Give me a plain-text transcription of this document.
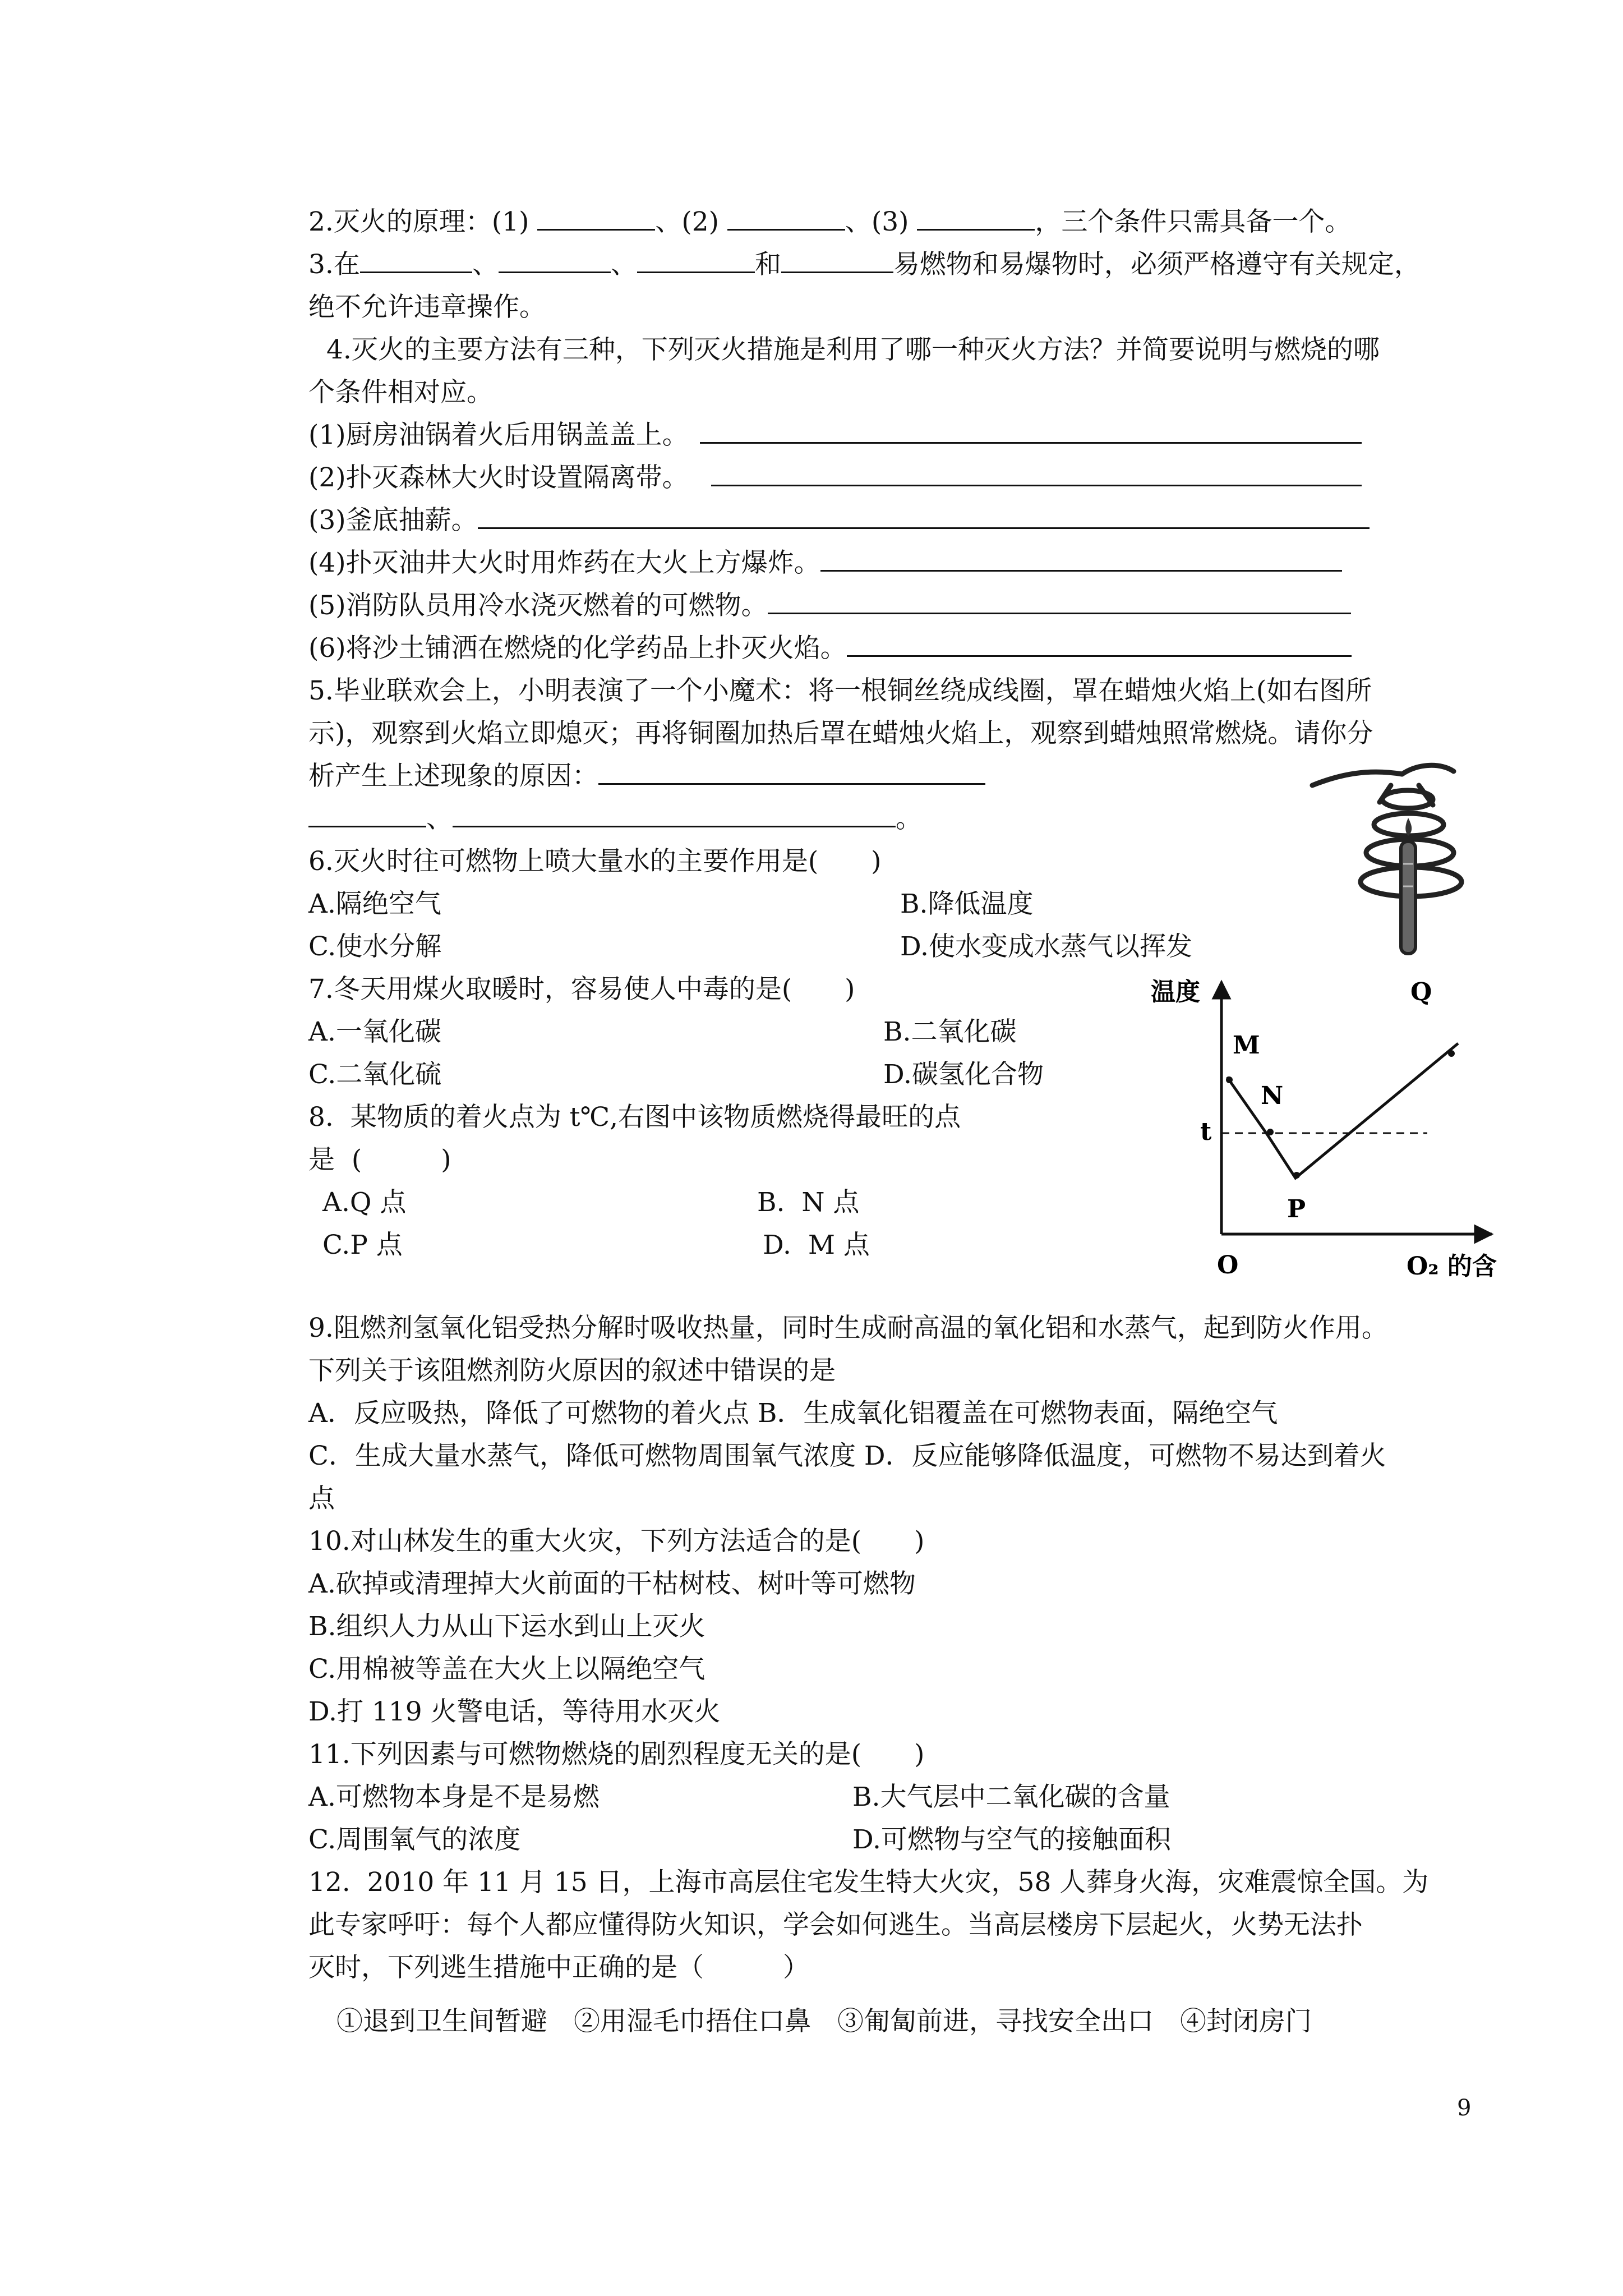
2.灭火的原理：(1)	、(2)	、(3)	，三个条件只需具备一个。
3.在	、	、	和	易燃物和易爆物时，必须严格遵守有关规定，
绝不允许违章操作。
4.灭火的主要方法有三种，下列灭火措施是利用了哪一种灭火方法？并简要说明与燃烧的哪
个条件相对应。
(1)厨房油锅着火后用锅盖盖上。
(2)扑灭森林大火时设置隔离带。
(3)釜底抽薪。
(4)扑灭油井大火时用炸药在大火上方爆炸。
(5)消防队员用冷水浇灭燃着的可燃物。
(6)将沙土铺洒在燃烧的化学药品上扑灭火焰。
5.毕业联欢会上，小明表演了一个小魔术：将一根铜丝绕成线圈，罩在蜡烛火焰上(如右图所
示)，观察到火焰立即熄灭；再将铜圈加热后罩在蜡烛火焰上，观察到蜡烛照常燃烧。请你分
析产生上述现象的原因：
、	。
6.灭火时往可燃物上喷大量水的主要作用是(　　)
A.隔绝空气	B.降低温度
C.使水分解	D.使水变成水蒸气以挥发
7.冬天用煤火取暖时，容易使人中毒的是(　　)
A.一氧化碳	B.二氧化碳
C.二氧化硫	D.碳氢化合物
8.  某物质的着火点为 t℃,右图中该物质燃烧得最旺的点
是  (　　　)
A.Q 点	B.  N 点
C.P 点	D.  M 点
温度	Q
M
N
t
P
O	O₂ 的含
9.阻燃剂氢氧化铝受热分解时吸收热量，同时生成耐高温的氧化铝和水蒸气，起到防火作用。
下列关于该阻燃剂防火原因的叙述中错误的是
A．反应吸热，降低了可燃物的着火点 B．生成氧化铝覆盖在可燃物表面，隔绝空气
C．生成大量水蒸气，降低可燃物周围氧气浓度 D．反应能够降低温度，可燃物不易达到着火
点
10.对山林发生的重大火灾，下列方法适合的是(　　)
A.砍掉或清理掉大火前面的干枯树枝、树叶等可燃物
B.组织人力从山下运水到山上灭火
C.用棉被等盖在大火上以隔绝空气
D.打 119 火警电话，等待用水灭火
11.下列因素与可燃物燃烧的剧烈程度无关的是(　　)
A.可燃物本身是不是易燃	B.大气层中二氧化碳的含量
C.周围氧气的浓度	D.可燃物与空气的接触面积
12.  2010 年 11 月 15 日，上海市高层住宅发生特大火灾，58 人葬身火海，灾难震惊全国。为
此专家呼吁：每个人都应懂得防火知识，学会如何逃生。当高层楼房下层起火，火势无法扑
灭时，下列逃生措施中正确的是（　　　）
①退到卫生间暂避　②用湿毛巾捂住口鼻　③匍匐前进，寻找安全出口　④封闭房门
9
